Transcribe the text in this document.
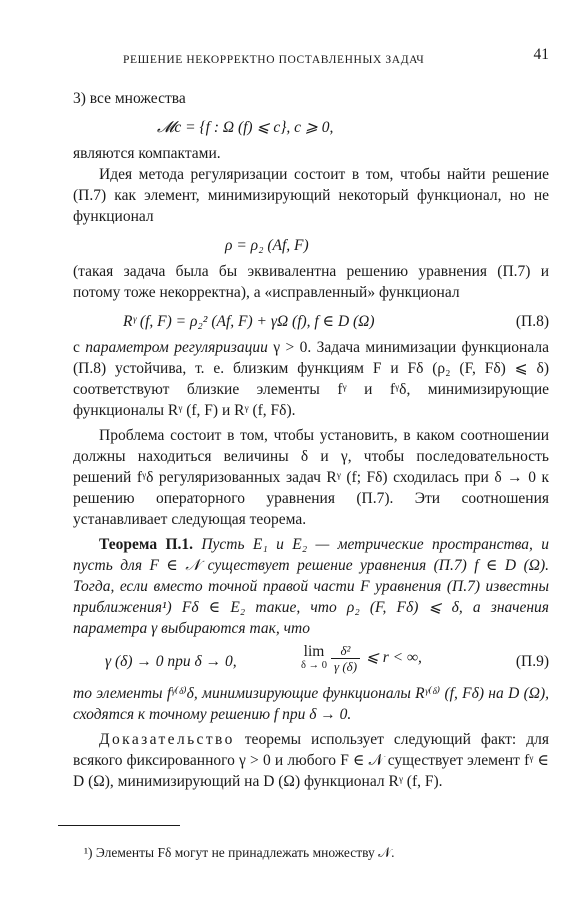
РЕШЕНИЕ НЕКОРРЕКТНО ПОСТАВЛЕННЫХ ЗАДАЧ	41

3) все множества

𝓜c = {f : Ω (f) ⩽ c}, c ⩾ 0,

являются компактами.

Идея метода регуляризации состоит в том, чтобы найти решение (П.7) как элемент, минимизирующий некоторый функционал, но не функционал

ρ = ρ₂ (Af, F)

(такая задача была бы эквивалентна решению уравнения (П.7) и потому тоже некорректна), а «исправленный» функционал

Rᵞ (f, F) = ρ₂² (Af, F) + γΩ (f), f ∈ D (Ω)	(П.8)

с параметром регуляризации γ > 0. Задача минимизации функционала (П.8) устойчива, т. е. близким функциям F и Fδ (ρ₂ (F, Fδ) ⩽ δ) соответствуют близкие элементы fᵞ и fᵞδ, минимизирующие функционалы Rᵞ (f, F) и Rᵞ (f, Fδ).

Проблема состоит в том, чтобы установить, в каком соотношении должны находиться величины δ и γ, чтобы последовательность решений fᵞδ регуляризованных задач Rᵞ (f; Fδ) сходилась при δ → 0 к решению операторного уравнения (П.7). Эти соотношения устанавливает следующая теорема.

Теорема П.1. Пусть E₁ и E₂ — метрические пространства, и пусть для F ∈ 𝒩 существует решение уравнения (П.7) f ∈ D (Ω). Тогда, если вместо точной правой части F уравнения (П.7) известны приближения¹) Fδ ∈ E₂ такие, что ρ₂ (F, Fδ) ⩽ δ, а значения параметра γ выбираются так, что

γ (δ) → 0 при δ → 0,
lim
$\delta \to 0 \frac{\text{δ²}}{\gamma (\delta)}$ ⩽ r < ∞,	(П.9)

то элементы fᵞ⁽ᵟ⁾δ, минимизирующие функционалы Rᵞ⁽ᵟ⁾ (f, Fδ) на D (Ω), сходятся к точному решению f при δ → 0.

Доказательство теоремы использует следующий факт: для всякого фиксированного γ > 0 и любого F ∈ 𝒩 существует элемент fᵞ ∈ D (Ω), минимизирующий на D (Ω) функционал Rᵞ (f, F).

¹) Элементы Fδ могут не принадлежать множеству 𝒩.
